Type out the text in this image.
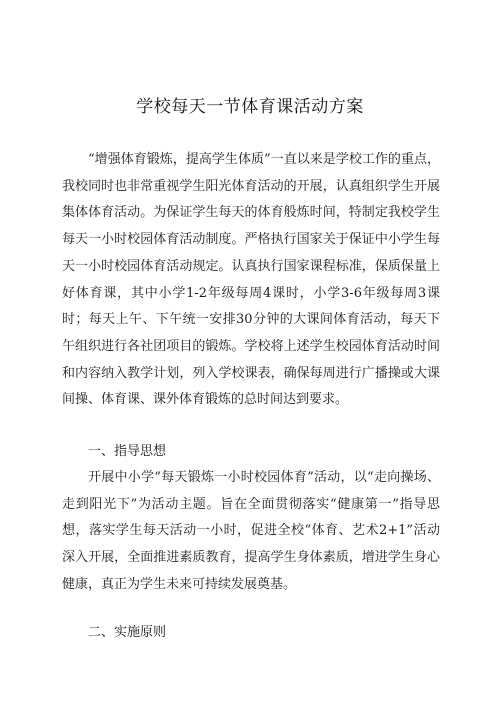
学校每天一节体育课活动方案

“增强体育锻炼，提高学生体质”一直以来是学校工作的重点，我校同时也非常重视学生阳光体育活动的开展，认真组织学生开展集体体育活动。为保证学生每天的体育般炼时间，特制定我校学生每天一小时校园体育活动制度。严格执行国家关于保证中小学生每天一小时校园体育活动规定。认真执行国家课程标准，保质保量上好体育课，其中小学1-2年级每周4课时，小学3-6年级每周3课时；每天上午、下午统一安排30分钟的大课间体育活动，每天下午组织进行各社团项目的锻炼。学校将上述学生校园体育活动时间和内容纳入教学计划，列入学校课表，确保每周进行广播操或大课间操、体育课、课外体育锻炼的总时间达到要求。

一、指导思想

开展中小学“每天锻炼一小时校园体育”活动，以“走向操场、走到阳光下”为活动主题。旨在全面贯彻落实“健康第一”指导思想，落实学生每天活动一小时，促进全校“体育、艺术2+1”活动深入开展，全面推进素质教育，提高学生身体素质，增进学生身心健康，真正为学生未来可持续发展奠基。

二、实施原则
